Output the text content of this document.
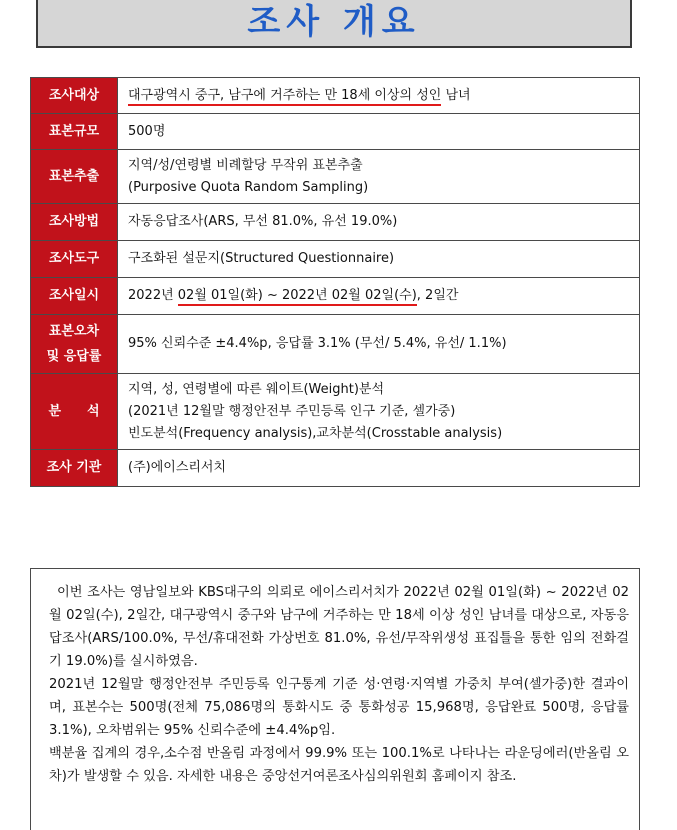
조사 개요
조사대상	대구광역시 중구, 남구에 거주하는 만 18세 이상의 성인 남녀
표본규모	500명

표본추출	지역/성/연령별 비례할당 무작위 표본추출
(Purposive Quota Random Sampling)

조사방법	자동응답조사(ARS, 무선 81.0%, 유선 19.0%)

조사도구	구조화된 설문지(Structured Questionnaire)

조사일시	2022년 02월 01일(화) ~ 2022년 02월 02일(수), 2일간

표본오차
및 응답률	95% 신뢰수준 ±4.4%p, 응답률 3.1% (무선/ 5.4%, 유선/ 1.1%)

분　　석	지역, 성, 연령별에 따른 웨이트(Weight)분석
(2021년 12월말 행정안전부 주민등록 인구 기준, 셀가중)
빈도분석(Frequency analysis),교차분석(Crosstable analysis)

조사 기관	(주)에이스리서치

이번 조사는 영남일보와 KBS대구의 의뢰로 에이스리서치가 2022년 02월 01일(화) ~ 2022년 02월 02일(수), 2일간, 대구광역시 중구와 남구에 거주하는 만 18세 이상 성인 남녀를 대상으로, 자동응답조사(ARS/100.0%, 무선/휴대전화 가상번호 81.0%, 유선/무작위생성 표집틀을 통한 임의 전화걸기 19.0%)를 실시하였음.

2021년 12월말 행정안전부 주민등록 인구통계 기준 성·연령·지역별 가중치 부여(셀가중)한 결과이며, 표본수는 500명(전체 75,086명의 통화시도 중 통화성공 15,968명, 응답완료 500명, 응답률 3.1%), 오차범위는 95% 신뢰수준에 ±4.4%p임.

백분율 집계의 경우,소수점 반올림 과정에서 99.9% 또는 100.1%로 나타나는 라운딩에러(반올림 오차)가 발생할 수 있음. 자세한 내용은 중앙선거여론조사심의위원회 홈페이지 참조.
